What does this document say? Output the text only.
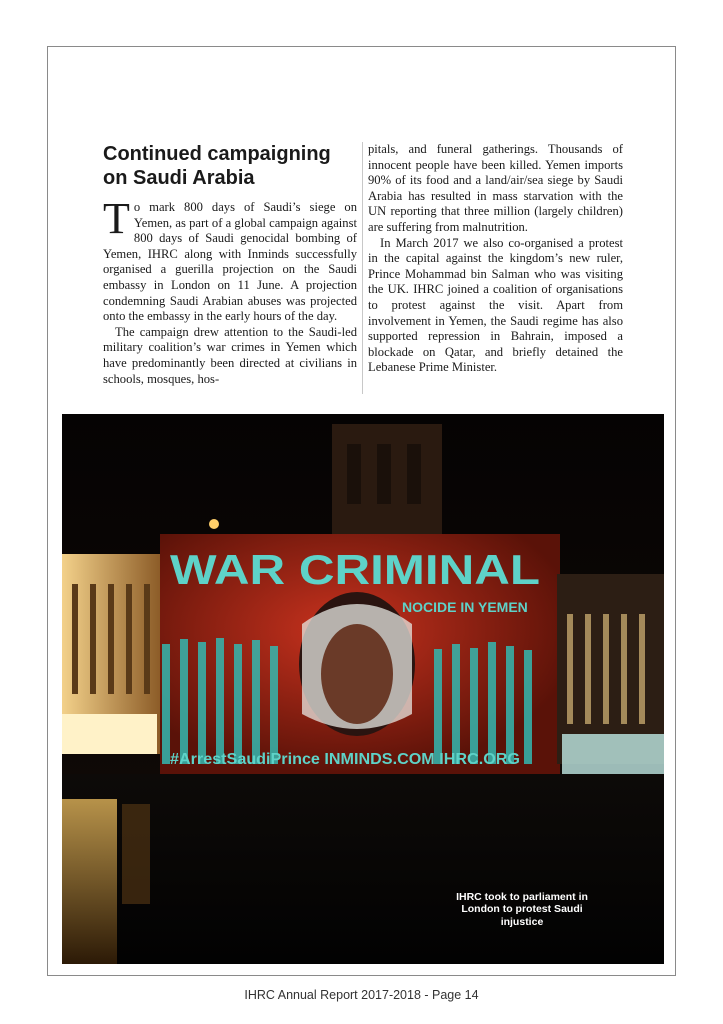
Continued campaigning
on Saudi Arabia

To mark 800 days of Saudi’s siege on Yemen, as part of a global campaign against 800 days of Saudi genocidal bombing of Yemen, IHRC along with Inminds successfully organised a guerilla projection on the Saudi embassy in London on 11 June. A projection condemning Saudi Arabian abuses was projected onto the embassy in the early hours of the day.

The campaign drew attention to the Saudi-led military coalition’s war crimes in Yemen which have predominantly been directed at civilians in schools, mosques, hos-

pitals, and funeral gatherings. Thousands of innocent people have been killed. Yemen imports 90% of its food and a land/air/sea siege by Saudi Arabia has resulted in mass starvation with the UN reporting that three million (largely children) are suffering from malnutrition.

In March 2017 we also co-organised a protest in the capital against the kingdom’s new ruler, Prince Mohammad bin Salman who was visiting the UK. IHRC joined a coalition of organisations to protest against the visit. Apart from involvement in Yemen, the Saudi regime has also supported repression in Bahrain, imposed a blockade on Qatar, and briefly detained the Lebanese Prime Minister.

WAR CRIMINAL
NOCIDE IN YEMEN
#ArrestSaudiPrince INMINDS.COM IHRC.ORG
IHRC took to parliament in London to protest Saudi injustice
IHRC Annual Report 2017-2018 - Page 14
